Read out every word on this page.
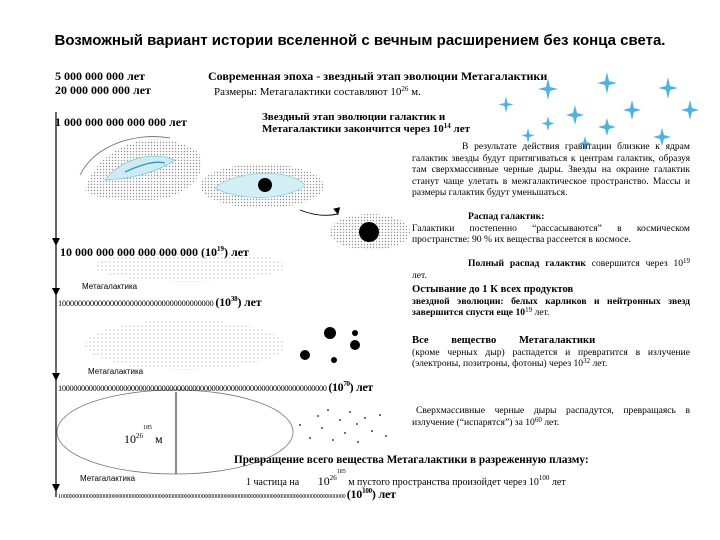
Возможный вариант истории вселенной с вечным расширением без конца света.
5 000 000 000 лет
20 000 000 000 лет
1 000 000 000 000 000 лет
10 000 000 000 000 000 000 $(10^{19})$ лет
100000000000000000000000000000000000000 $(10^{38})$ лет
1000000000000000000000000000000000000000000000000000000000000000000000 $(10^{70})$ лет
1000000000000000000000000000000000000000000000000000000000000000000000000000000000000000000000000000 $(10^{100})$ лет
Современная эпоха - звездный этап эволюции Метагалактики
Размеры: Метагалактики составляют $10^{26}$ м.
Звездный этап эволюции галактик и
Метагалактики закончится через $10^{14}$ лет
Метагалактика
Метагалактика
Метагалактика
$10^{26185}$ м
Превращение всего вещества Метагалактики в разреженную плазму:
1 частица на $10^{26185}$ м пустого пространства произойдет через $10^{100}$ лет

В результате действия гравитации близкие к ядрам галактик звезды будут притягиваться к центрам галактик, образуя там сверхмассивные черные дыры. Звезды на окраине галактик станут чаще улетать в межгалактическое пространство. Массы и размеры галактик будут уменьшаться.

Распад галактик:

Галактики постепенно “рассасываются” в космическом пространстве: 90 % их вещества рассеется в космосе.

Полный распад галактик совершится через $10^{19}$ лет.

Остывание до 1 К всех продуктов

звездной эволюции: белых карликов и нейтронных звезд завершится спустя еще $10^{19}$ лет.

Все вещество Метагалактики

(кроме черных дыр) распадется и превратится в излучение (электроны, позитроны, фотоны) через $10^{32}$ лет.

Сверхмассивные черные дыры распадутся, превращаясь в излучение (“испарятся”) за $10^{60}$ лет.
